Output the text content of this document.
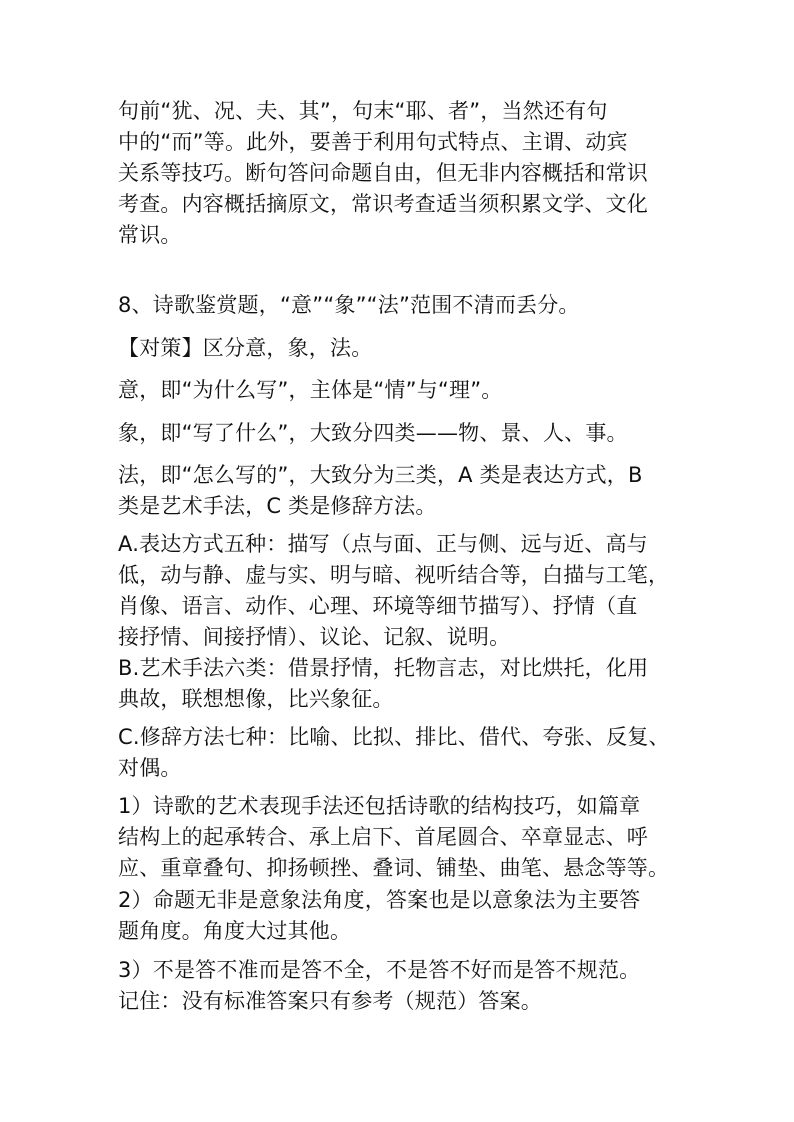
句前“犹、况、夫、其”，句末“耶、者”，当然还有句
中的“而”等。此外，要善于利用句式特点、主谓、动宾
关系等技巧。断句答问命题自由，但无非内容概括和常识
考查。内容概括摘原文，常识考查适当须积累文学、文化
常识。
8、诗歌鉴赏题，“意”“象”“法”范围不清而丢分。
【对策】区分意，象，法。
意，即“为什么写”，主体是“情”与“理”。
象，即“写了什么”，大致分四类——物、景、人、事。
法，即“怎么写的”，大致分为三类，A 类是表达方式，B
类是艺术手法，C 类是修辞方法。
A.表达方式五种：描写（点与面、正与侧、远与近、高与
低，动与静、虚与实、明与暗、视听结合等，白描与工笔，
肖像、语言、动作、心理、环境等细节描写）、抒情（直
接抒情、间接抒情）、议论、记叙、说明。
B.艺术手法六类：借景抒情，托物言志，对比烘托，化用
典故，联想想像，比兴象征。
C.修辞方法七种：比喻、比拟、排比、借代、夸张、反复、
对偶。
1）诗歌的艺术表现手法还包括诗歌的结构技巧，如篇章
结构上的起承转合、承上启下、首尾圆合、卒章显志、呼
应、重章叠句、抑扬顿挫、叠词、铺垫、曲笔、悬念等等。
2）命题无非是意象法角度，答案也是以意象法为主要答
题角度。角度大过其他。
3）不是答不准而是答不全，不是答不好而是答不规范。
记住：没有标准答案只有参考（规范）答案。
